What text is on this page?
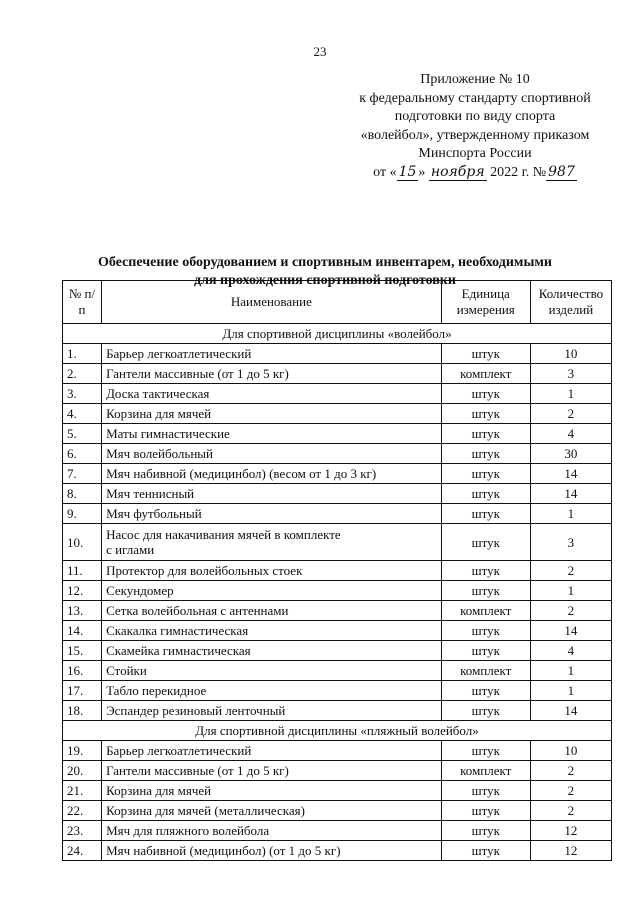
23
Приложение № 10
к федеральному стандарту спортивной
подготовки по виду спорта
«волейбол», утвержденному приказом
Минспорта России
от « 15 » ноября 2022 г. № 987
Обеспечение оборудованием и спортивным инвентарем, необходимыми
для прохождения спортивной подготовки
№ п/п	Наименование	Единица измерения	Количество изделий
Для спортивной дисциплины «волейбол»			
1.	Барьер легкоатлетический	штук	10
2.	Гантели массивные (от 1 до 5 кг)	комплект	3
3.	Доска тактическая	штук	1
4.	Корзина для мячей	штук	2
5.	Маты гимнастические	штук	4
6.	Мяч волейбольный	штук	30
7.	Мяч набивной (медицинбол) (весом от 1 до 3 кг)	штук	14
8.	Мяч теннисный	штук	14
9.	Мяч футбольный	штук	1
10.	Насос для накачивания мячей в комплекте
с иглами	штук	3
11.	Протектор для волейбольных стоек	штук	2
12.	Секундомер	штук	1
13.	Сетка волейбольная с антеннами	комплект	2
14.	Скакалка гимнастическая	штук	14
15.	Скамейка гимнастическая	штук	4
16.	Стойки	комплект	1
17.	Табло перекидное	штук	1
18.	Эспандер резиновый ленточный	штук	14
Для спортивной дисциплины «пляжный волейбол»			
19.	Барьер легкоатлетический	штук	10
20.	Гантели массивные (от 1 до 5 кг)	комплект	2
21.	Корзина для мячей	штук	2
22.	Корзина для мячей (металлическая)	штук	2
23.	Мяч для пляжного волейбола	штук	12
24.	Мяч набивной (медицинбол) (от 1 до 5 кг)	штук	12
